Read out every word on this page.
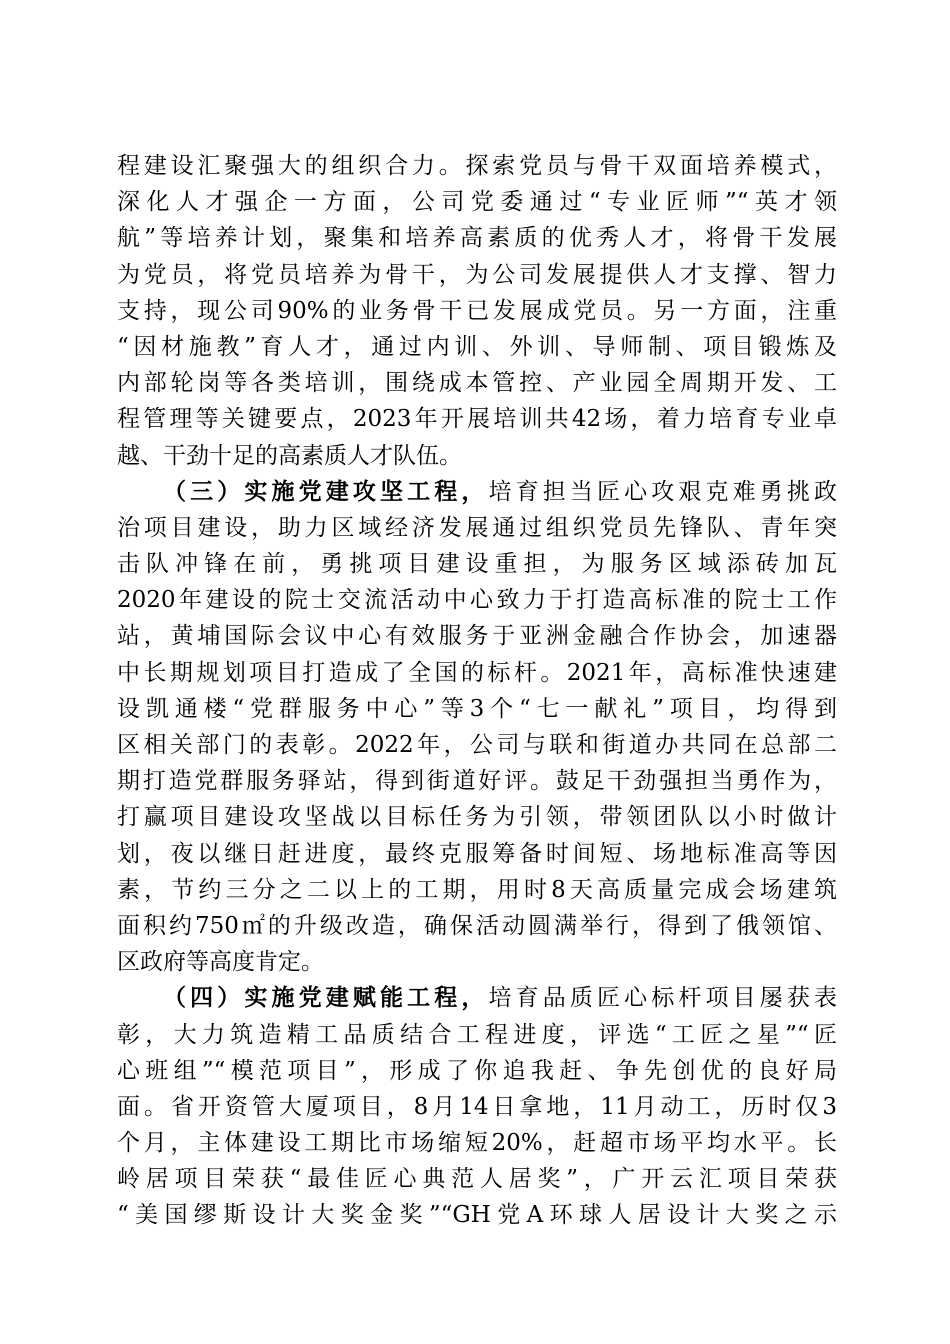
程建设汇聚强大的组织合力。探索党员与骨干双面培养模式，
深化人才强企一方面，公司党委通过“专业匠师”“英才领
航”等培养计划，聚集和培养高素质的优秀人才，将骨干发展
为党员，将党员培养为骨干，为公司发展提供人才支撑、智力
支持，现公司90%的业务骨干已发展成党员。另一方面，注重
“因材施教”育人才，通过内训、外训、导师制、项目锻炼及
内部轮岗等各类培训，围绕成本管控、产业园全周期开发、工
程管理等关键要点，2023年开展培训共42场，着力培育专业卓
越、干劲十足的高素质人才队伍。
（三）实施党建攻坚工程，培育担当匠心攻艰克难勇挑政
治项目建设，助力区域经济发展通过组织党员先锋队、青年突
击队冲锋在前，勇挑项目建设重担，为服务区域添砖加瓦
2020年建设的院士交流活动中心致力于打造高标准的院士工作
站，黄埔国际会议中心有效服务于亚洲金融合作协会，加速器
中长期规划项目打造成了全国的标杆。2021年，高标准快速建
设凯通楼“党群服务中心”等3个“七一献礼”项目，均得到
区相关部门的表彰。2022年，公司与联和街道办共同在总部二
期打造党群服务驿站，得到街道好评。鼓足干劲强担当勇作为，
打赢项目建设攻坚战以目标任务为引领，带领团队以小时做计
划，夜以继日赶进度，最终克服筹备时间短、场地标准高等因
素，节约三分之二以上的工期，用时8天高质量完成会场建筑
面积约750㎡的升级改造，确保活动圆满举行，得到了俄领馆、
区政府等高度肯定。
（四）实施党建赋能工程，培育品质匠心标杆项目屡获表
彰，大力筑造精工品质结合工程进度，评选“工匠之星”“匠
心班组”“模范项目”，形成了你追我赶、争先创优的良好局
面。省开资管大厦项目，8月14日拿地，11月动工，历时仅3
个月，主体建设工期比市场缩短20%，赶超市场平均水平。长
岭居项目荣获“最佳匠心典范人居奖”，广开云汇项目荣获
“美国缪斯设计大奖金奖”“GH党A环球人居设计大奖之示
